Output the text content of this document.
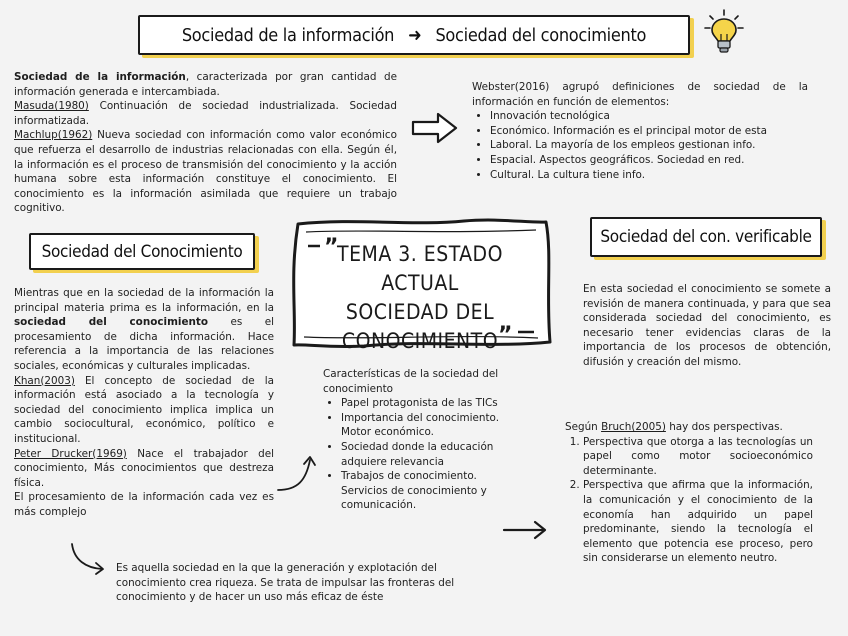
Sociedad de la información ➜ Sociedad del conocimiento
Sociedad de la información, caracterizada por gran cantidad de información generada e intercambiada.
Masuda(1980) Continuación de sociedad industrializada. Sociedad informatizada.
Machlup(1962) Nueva sociedad con información como valor económico que refuerza el desarrollo de industrias relacionadas con ella. Según él, la información es el proceso de transmisión del conocimiento y la acción humana sobre esta información constituye el conocimiento. El conocimiento es la información asimilada que requiere un trabajo cognitivo.
Webster(2016) agrupó definiciones de sociedad de la información en función de elementos:
• Innovación tecnológica
• Económico. Información es el principal motor de esta
• Laboral. La mayoría de los empleos gestionan info.
• Espacial. Aspectos geográficos. Sociedad en red.
• Cultural. La cultura tiene info.
Sociedad del Conocimiento
Mientras que en la sociedad de la información la principal materia prima es la información, en la sociedad del conocimiento es el procesamiento de dicha información. Hace referencia a la importancia de las relaciones sociales, económicas y culturales implicadas.
Khan(2003) El concepto de sociedad de la información está asociado a la tecnología y sociedad del conocimiento implica implica un cambio sociocultural, económico, político e institucional.
Peter Drucker(1969) Nace el trabajador del conocimiento, Más conocimientos que destreza física.
El procesamiento de la información cada vez es más complejo
”
”
TEMA 3. ESTADO ACTUAL
SOCIEDAD DEL
CONOCIMIENTO
Características de la sociedad del conocimiento
• Papel protagonista de las TICs
• Importancia del conocimiento. Motor económico.
• Sociedad donde la educación adquiere relevancia
• Trabajos de conocimiento. Servicios de conocimiento y comunicación.
Es aquella sociedad en la que la generación y explotación del conocimiento crea riqueza. Se trata de impulsar las fronteras del conocimiento y de hacer un uso más eficaz de éste
Sociedad del con. verificable
En esta sociedad el conocimiento se somete a revisión de manera continuada, y para que sea considerada sociedad del conocimiento, es necesario tener evidencias claras de la importancia de los procesos de obtención, difusión y creación del mismo.
Según Bruch(2005) hay dos perspectivas.
1. Perspectiva que otorga a las tecnologías un papel como motor socioeconómico determinante.
2. Perspectiva que afirma que la información, la comunicación y el conocimiento de la economía han adquirido un papel predominante, siendo la tecnología el elemento que potencia ese proceso, pero sin considerarse un elemento neutro.
